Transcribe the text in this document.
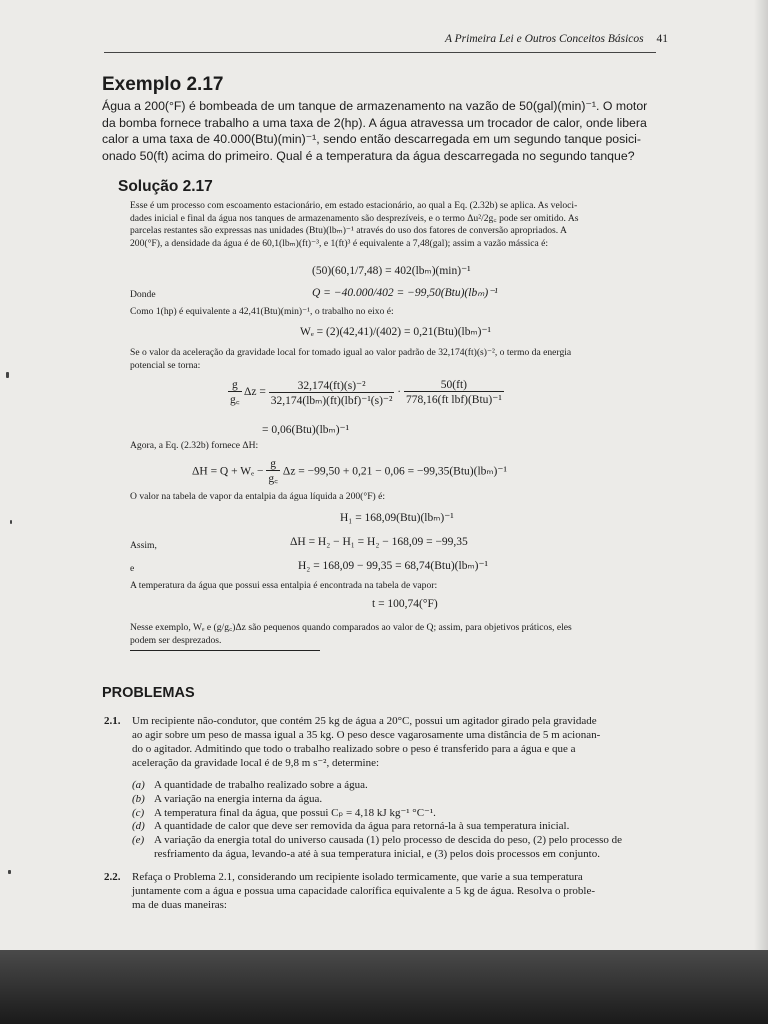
A Primeira Lei e Outros Conceitos Básicos 41
Exemplo 2.17
Água a 200(°F) é bombeada de um tanque de armazenamento na vazão de 50(gal)(min)⁻¹. O motor
da bomba fornece trabalho a uma taxa de 2(hp). A água atravessa um trocador de calor, onde libera
calor a uma taxa de 40.000(Btu)(min)⁻¹, sendo então descarregada em um segundo tanque posici-
onado 50(ft) acima do primeiro. Qual é a temperatura da água descarregada no segundo tanque?
Solução 2.17
Esse é um processo com escoamento estacionário, em estado estacionário, ao qual a Eq. (2.32b) se aplica. As veloci-
dades inicial e final da água nos tanques de armazenamento são desprezíveis, e o termo Δu²/2g꜀ pode ser omitido. As
parcelas restantes são expressas nas unidades (Btu)(lbₘ)⁻¹ através do uso dos fatores de conversão apropriados. A
200(°F), a densidade da água é de 60,1(lbₘ)(ft)⁻³, e 1(ft)³ é equivalente a 7,48(gal); assim a vazão mássica é:
(50)(60,1/7,48) = 402(lbₘ)(min)⁻¹
Donde	Q = −40.000/402 = −99,50(Btu)(lbₘ)⁻¹
Como 1(hp) é equivalente a 42,41(Btu)(min)⁻¹, o trabalho no eixo é:
Wₑ = (2)(42,41)/(402) = 0,21(Btu)(lbₘ)⁻¹
Se o valor da aceleração da gravidade local for tomado igual ao valor padrão de 32,174(ft)(s)⁻², o termo da energia
potencial se torna:
$\frac{g}{g꜀}$ $\Delta z = \frac{\text{32,174(ft)(s)⁻²}}{\text{32,174(lbₘ)(ft)(lbf)⁻¹(s)⁻²}} \cdot \frac{50(ft)}{\text{778,16(ft lbf)(Btu)⁻¹}}$
= 0,06(Btu)(lbₘ)⁻¹
Agora, a Eq. (2.32b) fornece ΔH:
$\Delta H = Q + W_e - \frac{g}{g꜀}$ Δz = −99,50 + 0,21 − 0,06 = −99,35(Btu)(lbₘ)⁻¹
O valor na tabela de vapor da entalpia da água líquida a 200(°F) é:
H₁ = 168,09(Btu)(lbₘ)⁻¹
Assim,	ΔH = H₂ − H₁ = H₂ − 168,09 = −99,35
e	H₂ = 168,09 − 99,35 = 68,74(Btu)(lbₘ)⁻¹
A temperatura da água que possui essa entalpia é encontrada na tabela de vapor:
t = 100,74(°F)
Nesse exemplo, Wₑ e (g/g꜀)Δz são pequenos quando comparados ao valor de Q; assim, para objetivos práticos, eles
podem ser desprezados.
PROBLEMAS
2.1. Um recipiente não-condutor, que contém 25 kg de água a 20°C, possui um agitador girado pela gravidade
ao agir sobre um peso de massa igual a 35 kg. O peso desce vagarosamente uma distância de 5 m acionan-
do o agitador. Admitindo que todo o trabalho realizado sobre o peso é transferido para a água e que a
aceleração da gravidade local é de 9,8 m s⁻², determine:
(a) A quantidade de trabalho realizado sobre a água.
(b) A variação na energia interna da água.
(c) A temperatura final da água, que possui Cₚ = 4,18 kJ kg⁻¹ °C⁻¹.
(d) A quantidade de calor que deve ser removida da água para retorná-la à sua temperatura inicial.
(e) A variação da energia total do universo causada (1) pelo processo de descida do peso, (2) pelo processo de
resfriamento da água, levando-a até à sua temperatura inicial, e (3) pelos dois processos em conjunto.
2.2. Refaça o Problema 2.1, considerando um recipiente isolado termicamente, que varie a sua temperatura
juntamente com a água e possua uma capacidade calorífica equivalente a 5 kg de água. Resolva o proble-
ma de duas maneiras:
